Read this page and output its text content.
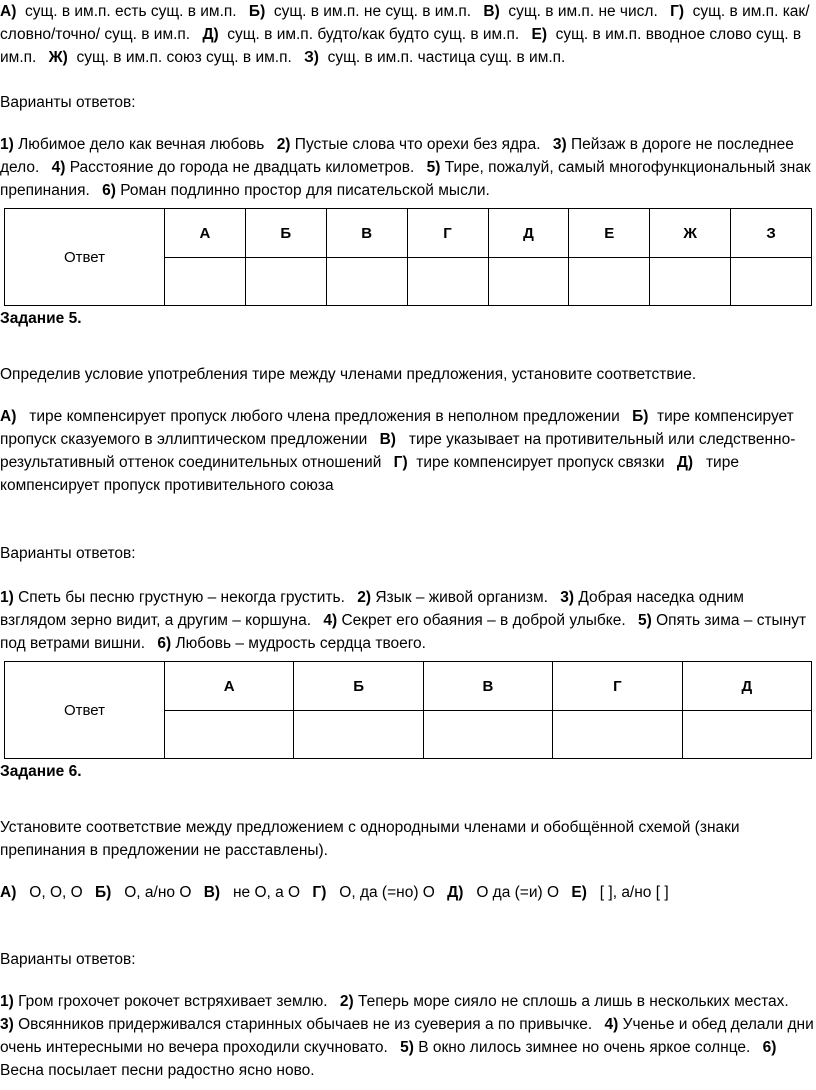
А) сущ. в им.п. есть сущ. в им.п. Б) сущ. в им.п. не сущ. в им.п. В) сущ. в им.п. не числ. Г) сущ. в им.п. как/словно/точно/ сущ. в им.п. Д) сущ. в им.п. будто/как будто сущ. в им.п. Е) сущ. в им.п. вводное слово сущ. в им.п. Ж) сущ. в им.п. союз сущ. в им.п. З) сущ. в им.п. частица сущ. в им.п.
Варианты ответов:
1) Любимое дело как вечная любовь 2) Пустые слова что орехи без ядра. 3) Пейзаж в дороге не последнее дело. 4) Расстояние до города не двадцать километров. 5) Тире, пожалуй, самый многофункциональный знак препинания. 6) Роман подлинно простор для писательской мысли.
Ответ	А	Б	В	Г	Д	Е	Ж	З

Задание 5.
Определив условие употребления тире между членами предложения, установите соответствие.
А) тире компенсирует пропуск любого члена предложения в неполном предложении Б) тире компенсирует пропуск сказуемого в эллиптическом предложении В) тире указывает на противительный или следственно-результативный оттенок соединительных отношений Г) тире компенсирует пропуск связки Д) тире компенсирует пропуск противительного союза
Варианты ответов:
1) Спеть бы песню грустную – некогда грустить. 2) Язык – живой организм. 3) Добрая наседка одним взглядом зерно видит, а другим – коршуна. 4) Секрет его обаяния – в доброй улыбке. 5) Опять зима – стынут под ветрами вишни. 6) Любовь – мудрость сердца твоего.
Ответ	А	Б	В	Г	Д

Задание 6.
Установите соответствие между предложением с однородными членами и обобщённой схемой (знаки препинания в предложении не расставлены).
А) О, О, О Б) О, а/но О В) не О, а О Г) О, да (=но) О Д) О да (=и) О Е) [ ], а/но [ ]
Варианты ответов:
1) Гром грохочет рокочет встряхивает землю. 2) Теперь море сияло не сплошь а лишь в нескольких местах. 3) Овсянников придерживался старинных обычаев не из суеверия а по привычке. 4) Ученье и обед делали дни очень интересными но вечера проходили скучновато. 5) В окно лилось зимнее но очень яркое солнце. 6) Весна посылает песни радостно ясно ново.
